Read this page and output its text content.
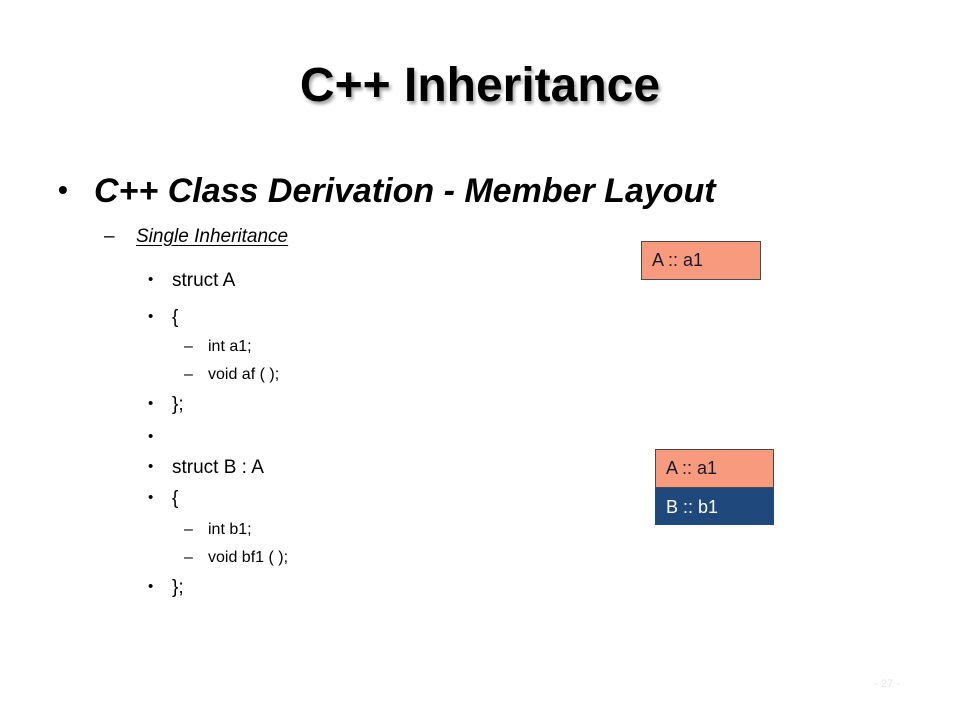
C++ Inheritance
• C++ Class Derivation - Member Layout
– Single Inheritance
• struct A
• {
– int a1;
– void af ( );
• };
•
• struct B : A
• {
– int b1;
– void bf1 ( );
• };
A :: a1
A :: a1
B :: b1
- 27 -
